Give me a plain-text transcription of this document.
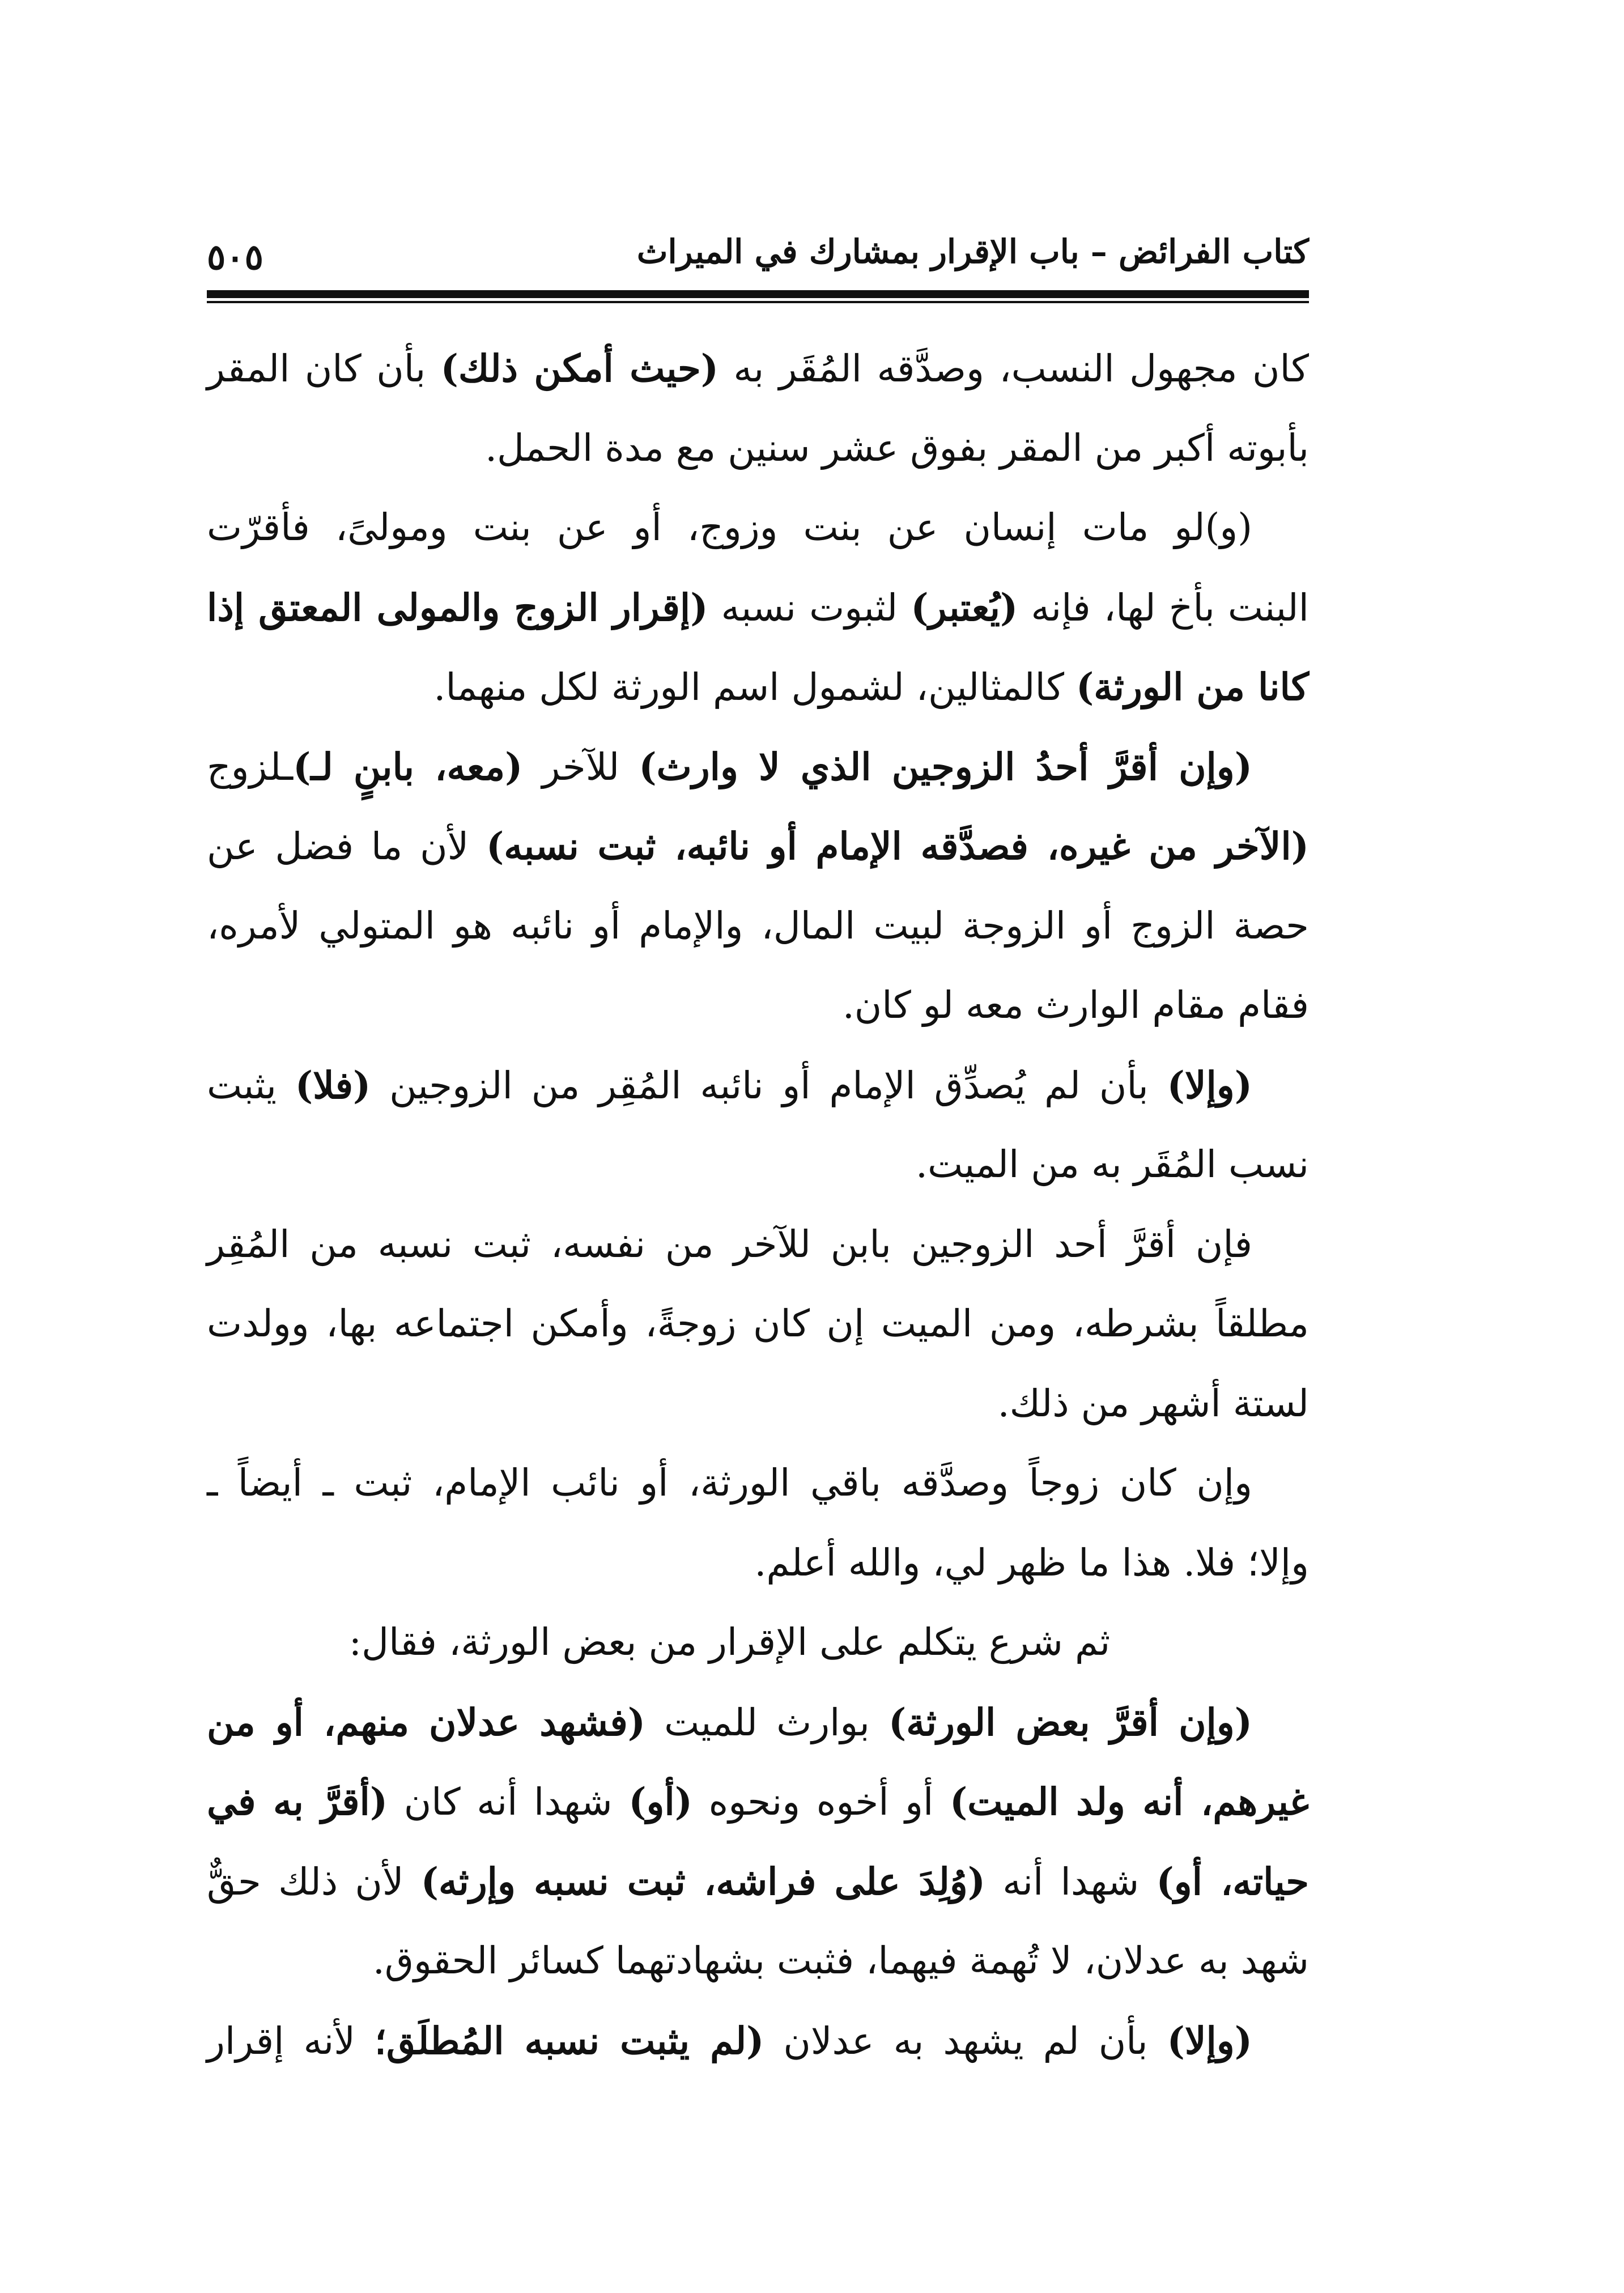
كتاب الفرائض – باب الإقرار بمشارك في الميراث
٥٠٥
كان مجهول النسب، وصدَّقه المُقَر به (حيث أمكن ذلك) بأن كان المقر
بأبوته أكبر من المقر بفوق عشر سنين مع مدة الحمل.
(و)لو مات إنسان عن بنت وزوج، أو عن بنت ومولىً، فأقرّت
البنت بأخ لها، فإنه (يُعتبر) لثبوت نسبه (إقرار الزوج والمولى المعتق إذا
كانا من الورثة) كالمثالين، لشمول اسم الورثة لكل منهما.
(وإن أقرَّ أحدُ الزوجين الذي لا وارث) للآخر (معه، بابنٍ لـ)ـلزوج
(الآخر من غيره، فصدَّقه الإمام أو نائبه، ثبت نسبه) لأن ما فضل عن
حصة الزوج أو الزوجة لبيت المال، والإمام أو نائبه هو المتولي لأمره،
فقام مقام الوارث معه لو كان.
(وإلا) بأن لم يُصدِّق الإمام أو نائبه المُقِر من الزوجين (فلا) يثبت
نسب المُقَر به من الميت.
فإن أقرَّ أحد الزوجين بابن للآخر من نفسه، ثبت نسبه من المُقِر
مطلقاً بشرطه، ومن الميت إن كان زوجةً، وأمكن اجتماعه بها، وولدت
لستة أشهر من ذلك.
وإن كان زوجاً وصدَّقه باقي الورثة، أو نائب الإمام، ثبت ـ أيضاً ـ
وإلا؛ فلا. هذا ما ظهر لي، والله أعلم.
ثم شرع يتكلم على الإقرار من بعض الورثة، فقال:
(وإن أقرَّ بعض الورثة) بوارث للميت (فشهد عدلان منهم، أو من
غيرهم، أنه ولد الميت) أو أخوه ونحوه (أو) شهدا أنه كان (أقرَّ به في
حياته، أو) شهدا أنه (وُلِدَ على فراشه، ثبت نسبه وإرثه) لأن ذلك حقٌّ
شهد به عدلان، لا تُهمة فيهما، فثبت بشهادتهما كسائر الحقوق.
(وإلا) بأن لم يشهد به عدلان (لم يثبت نسبه المُطلَق؛ لأنه إقرار
